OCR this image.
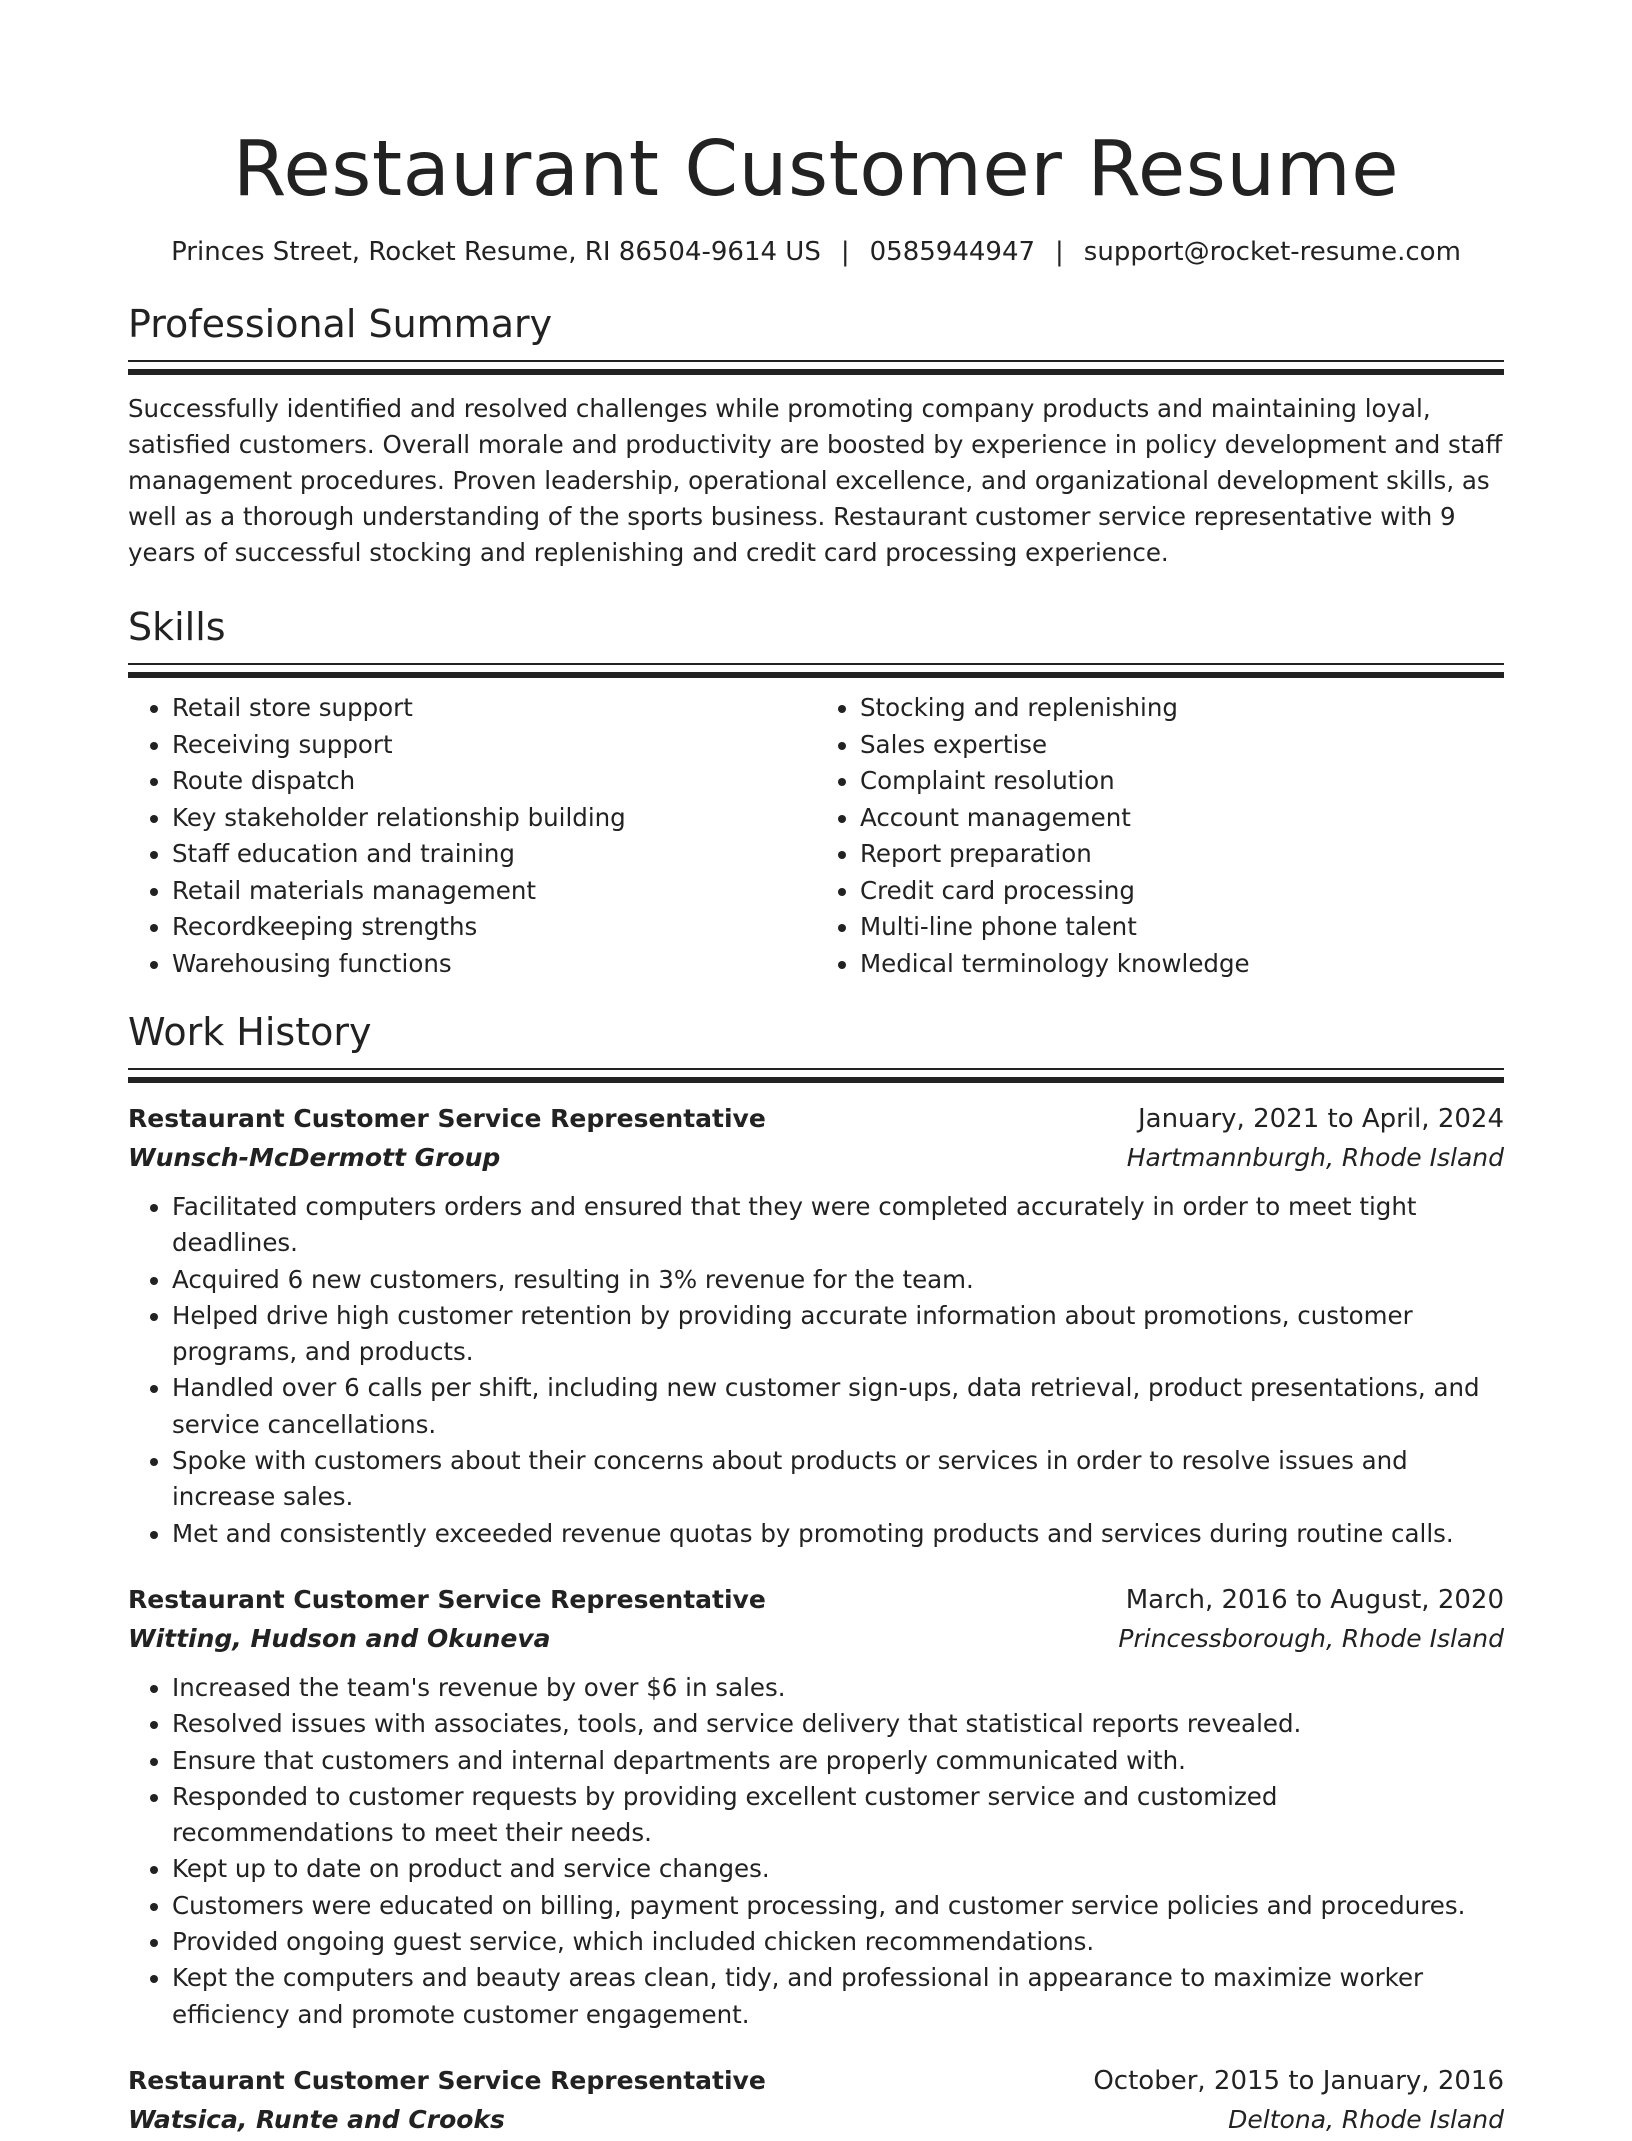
Restaurant Customer Resume
Princes Street, Rocket Resume, RI 86504-9614 US | 0585944947 | support@rocket-resume.com
Professional Summary
Successfully identified and resolved challenges while promoting company products and maintaining loyal, satisfied customers. Overall morale and productivity are boosted by experience in policy development and staff management procedures. Proven leadership, operational excellence, and organizational development skills, as well as a thorough understanding of the sports business. Restaurant customer service representative with 9 years of successful stocking and replenishing and credit card processing experience.
Skills
• Retail store support
• Receiving support
• Route dispatch
• Key stakeholder relationship building
• Staff education and training
• Retail materials management
• Recordkeeping strengths
• Warehousing functions
• Stocking and replenishing
• Sales expertise
• Complaint resolution
• Account management
• Report preparation
• Credit card processing
• Multi-line phone talent
• Medical terminology knowledge
Work History
Restaurant Customer Service Representative	January, 2021 to April, 2024
Wunsch-McDermott Group	Hartmannburgh, Rhode Island
• Facilitated computers orders and ensured that they were completed accurately in order to meet tight deadlines.
• Acquired 6 new customers, resulting in 3% revenue for the team.
• Helped drive high customer retention by providing accurate information about promotions, customer programs, and products.
• Handled over 6 calls per shift, including new customer sign-ups, data retrieval, product presentations, and service cancellations.
• Spoke with customers about their concerns about products or services in order to resolve issues and increase sales.
• Met and consistently exceeded revenue quotas by promoting products and services during routine calls.
Restaurant Customer Service Representative	March, 2016 to August, 2020
Witting, Hudson and Okuneva	Princessborough, Rhode Island
• Increased the team's revenue by over $6 in sales.
• Resolved issues with associates, tools, and service delivery that statistical reports revealed.
• Ensure that customers and internal departments are properly communicated with.
• Responded to customer requests by providing excellent customer service and customized recommendations to meet their needs.
• Kept up to date on product and service changes.
• Customers were educated on billing, payment processing, and customer service policies and procedures.
• Provided ongoing guest service, which included chicken recommendations.
• Kept the computers and beauty areas clean, tidy, and professional in appearance to maximize worker efficiency and promote customer engagement.
Restaurant Customer Service Representative	October, 2015 to January, 2016
Watsica, Runte and Crooks	Deltona, Rhode Island
